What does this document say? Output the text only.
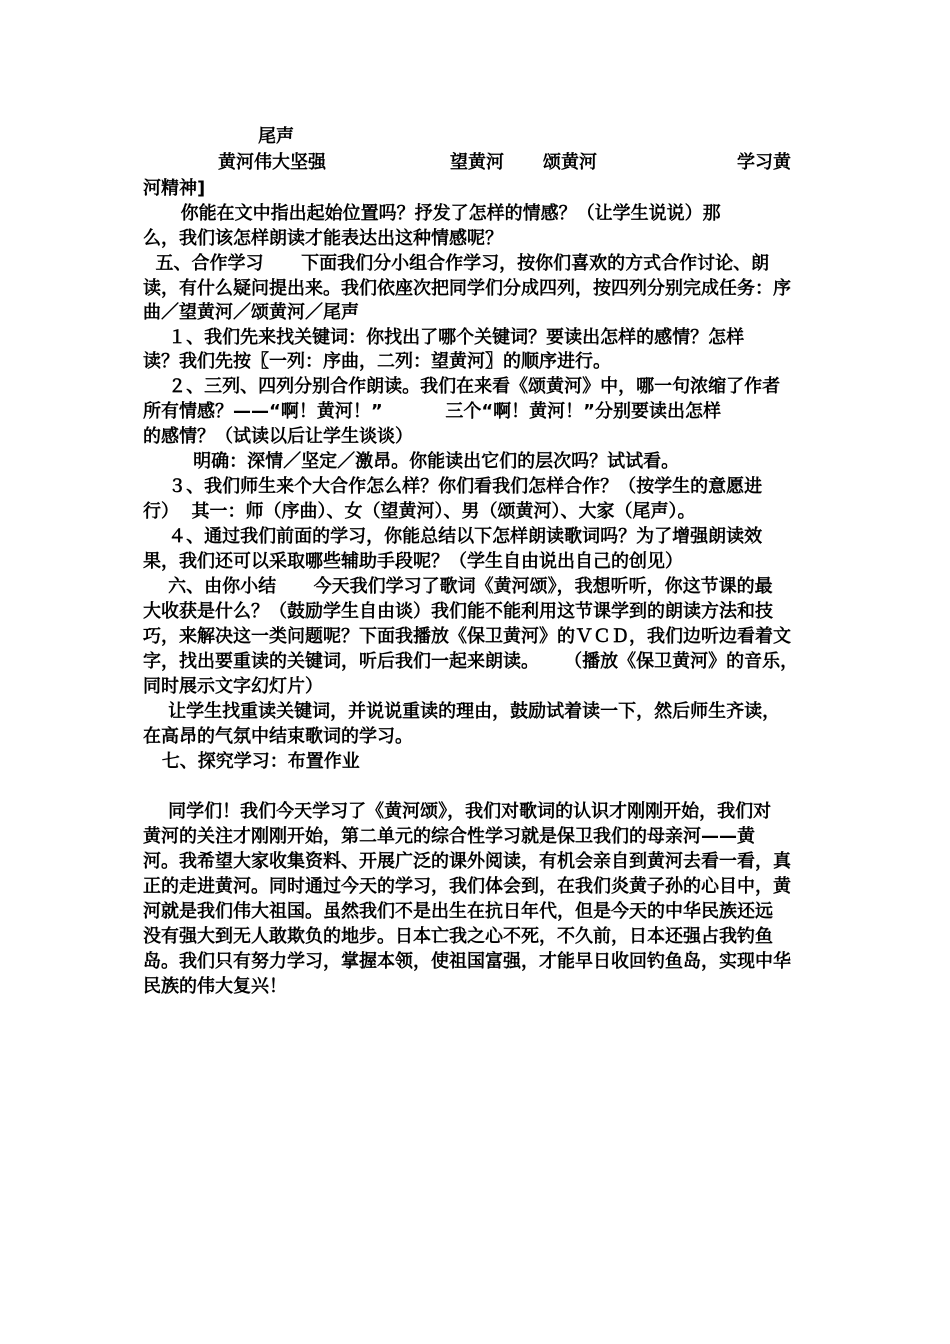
尾声
黄河伟大坚强	望黄河 颂黄河	学习黄
河精神]
你能在文中指出起始位置吗？抒发了怎样的情感？（让学生说说）那
么，我们该怎样朗读才能表达出这种情感呢？
五、合作学习      下面我们分小组合作学习，按你们喜欢的方式合作讨论、朗
读，有什么疑问提出来。我们依座次把同学们分成四列，按四列分别完成任务：序
曲／望黄河／颂黄河／尾声
１、我们先来找关键词：你找出了哪个关键词？要读出怎样的感情？怎样
读？我们先按〖一列：序曲，二列：望黄河〗的顺序进行。
２、三列、四列分别合作朗读。我们在来看《颂黄河》中，哪一句浓缩了作者
所有情感？——“啊！黄河！”          三个“啊！黄河！”分别要读出怎样
的感情？（试读以后让学生谈谈）
明确：深情／坚定／激昂。你能读出它们的层次吗？试试看。
３、我们师生来个大合作怎么样？你们看我们怎样合作？（按学生的意愿进
行）  其一：师（序曲）、女（望黄河）、男（颂黄河）、大家（尾声）。
４、通过我们前面的学习，你能总结以下怎样朗读歌词吗？为了增强朗读效
果，我们还可以采取哪些辅助手段呢？（学生自由说出自己的创见）
六、由你小结      今天我们学习了歌词《黄河颂》，我想听听，你这节课的最
大收获是什么？（鼓励学生自由谈）我们能不能利用这节课学到的朗读方法和技
巧，来解决这一类问题呢？下面我播放《保卫黄河》的ＶＣＤ，我们边听边看着文
字，找出要重读的关键词，听后我们一起来朗读。    （播放《保卫黄河》的音乐，
同时展示文字幻灯片）
让学生找重读关键词，并说说重读的理由，鼓励试着读一下，然后师生齐读，
在高昂的气氛中结束歌词的学习。
七、探究学习：布置作业
同学们！我们今天学习了《黄河颂》，我们对歌词的认识才刚刚开始，我们对
黄河的关注才刚刚开始，第二单元的综合性学习就是保卫我们的母亲河——黄
河。我希望大家收集资料、开展广泛的课外阅读，有机会亲自到黄河去看一看，真
正的走进黄河。同时通过今天的学习，我们体会到，在我们炎黄子孙的心目中，黄
河就是我们伟大祖国。虽然我们不是出生在抗日年代，但是今天的中华民族还远
没有强大到无人敢欺负的地步。日本亡我之心不死，不久前，日本还强占我钓鱼
岛。我们只有努力学习，掌握本领，使祖国富强，才能早日收回钓鱼岛，实现中华
民族的伟大复兴！
